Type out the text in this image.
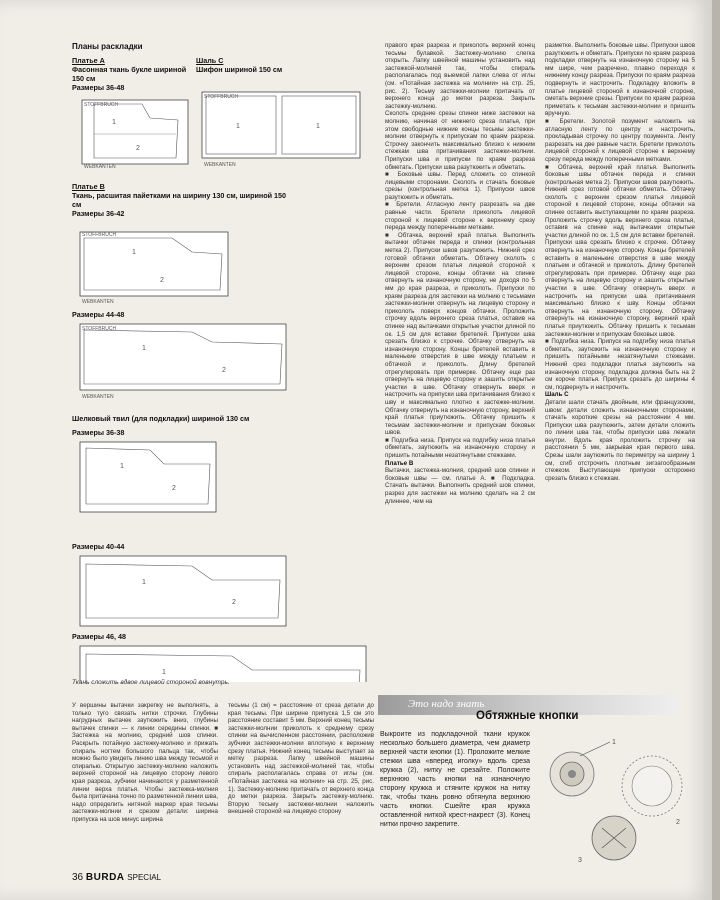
Планы раскладки
Платье А
Фасонная ткань букле шириной 150 см
Размеры 36-48
Шаль С
Шифон шириной 150 см
1
2
STOFFBRUCH
WEBKANTEN
1	1
STOFFBRUCH
WEBKANTEN
Платье В
Ткань, расшитая пайетками на ширину 130 см, шириной 150 см
Размеры 36-42
1
2
STOFFBRUCH
WEBKANTEN
Размеры 44-48
1
2
STOFFBRUCH
WEBKANTEN
Шелковый твил (для подкладки) шириной 130 см
Размеры 36-38
1
2
Размеры 40-44
1
2
Размеры 46, 48
1
2
Ткань сложить вдвое лицевой стороной вовнутрь.

правого края разреза и приколоть верхний конец тесьмы булавкой. Застежку-молнию слегка открыть. Лапку швейной машины установить над застежкой-молнией так, чтобы спираль располагалась под выемкой лапки слева от иглы (см. «Потайная застежка на молнии» на стр. 25, рис. 2). Тесьму застежки-молнии притачать от верхнего конца до метки разреза. Закрыть застежку-молнию.

Сколоть средние срезы спинки ниже застежки на молнию, начиная от нижнего среза платья, при этом свободные нижние концы тесьмы застежки-молнии отвернуть к припускам по краям разреза. Строчку закончить максимально близко к нижним стежкам шва притачивания застежки-молнии. Припуски шва и припуски по краям разреза обметать. Припуски шва разутюжить и обметать.

■ Боковые швы. Перед сложить со спинкой лицевыми сторонами. Сколоть и стачать боковые срезы (контрольная метка 1). Припуски швов разутюжить и обметать.

■ Бретели. Атласную ленту разрезать на две равные части. Бретели приколоть лицевой стороной к лицевой стороне к верхнему срезу переда между поперечными метками.

■ Обтачка, верхний край платья. Выполнить вытачки обтачек переда и спинки (контрольная метка 2). Припуски швов разутюжить. Нижний срез готовой обтачки обметать. Обтачку сколоть с верхним срезом платья лицевой стороной к лицевой стороне, концы обтачки на спинке отвернуть на изнаночную сторону, не доходя по 5 мм до края разреза, и приколоть. Припуски по краям разреза для застежки на молнию с тесьмами застежки-молнии отвернуть на лицевую сторону и приколоть поверх концов обтачки. Проложить строчку вдоль верхнего среза платья, оставив на спинке над вытачками открытые участки длиной по ок. 1,5 см для вставки бретелей. Припуски шва срезать близко к строчке. Обтачку отвернуть на изнаночную сторону. Концы бретелей вставить в маленькие отверстия в шве между платьем и обтачкой и приколоть. Длину бретелей отрегулировать при примерке. Обтачку еще раз отвернуть на лицевую сторону и зашить открытые участки в шве. Обтачку отвернуть вверх и настрочить на припуски шва притачивания близко к шву и максимально плотно к застежке-молнии. Обтачку отвернуть на изнаночную сторону, верхний край платья приутюжить. Обтачку пришить к тесьмам застежки-молнии и припускам боковых швов.

■ Подгибка низа. Припуск на подгибку низа платья обметать, заутюжить на изнаночную сторону и пришить потайными незатянутыми стежками.

Платье В

Вытачки, застежка-молния, средний шов спинки и боковые швы — см. платье А. ■ Подкладка. Стачать вытачки. Выполнить средний шов спинки, разрез для застежки на молнию сделать на 2 см длиннее, чем на

разметке. Выполнить боковые швы. Припуски швов разутюжить и обметать. Припуски по краям разреза подкладки отвернуть на изнаночную сторону на 5 мм шире, чем разречено, плавно переходя к нижнему концу разреза. Припуски по краям разреза подвернуть и настрочить. Подкладку вложить в платье лицевой стороной к изнаночной стороне, сметать верхние срезы. Припуски по краям разреза приметать к тесьмам застежки-молнии и пришить вручную.

■ Бретели. Золотой позумент наложить на атласную ленту по центру и настрочить, прокладывая строчку по центру позумента. Ленту разрезать на две равные части. Бретели приколоть лицевой стороной к лицевой стороне к верхнему срезу переда между поперечными метками.

■ Обтачка, верхний край платья. Выполнить боковые швы обтачек переда и спинки (контрольная метка 2). Припуски швов разутюжить. Нижний срез готовой обтачки обметать. Обтачку сколоть с верхним срезом платья лицевой стороной к лицевой стороне, концы обтачки на спинке оставить выступающими по краям разреза. Проложить строчку вдоль верхнего среза платья, оставив на спинке над вытачками открытые участки длиной по ок. 1,5 см для вставки бретелей. Припуски шва срезать близко к строчке. Обтачку отвернуть на изнаночную сторону. Концы бретелей вставить в маленькие отверстия в шве между платьем и обтачкой и приколоть. Длину бретелей отрегулировать при примерке. Обтачку еще раз отвернуть на лицевую сторону и зашить открытые участки в шве. Обтачку отвернуть вверх и настрочить на припуски шва притачивания максимально близко к шву. Концы обтачки отвернуть на изнаночную сторону. Обтачку отвернуть на изнаночную сторону, верхний край платья приутюжить. Обтачку пришить к тесьмам застежки-молнии и припускам боковых швов.

■ Подгибка низа. Припуск на подгибку низа платья обметать, заутюжить на изнаночную сторону и пришить потайными незатянутыми стежками. Нижний срез подкладки платья заутюжить на изнаночную сторону, подкладка должна быть на 2 см короче платья. Припуск срезать до ширины 4 см, подвернуть и настрочить.

Шаль С

Детали шали стачать двойным, или французским, швом: детали сложить изнаночными сторонами, стачать короткие срезы на расстоянии 4 мм. Припуски шва разутюжить, затем детали сложить по линии шва так, чтобы припуски шва лежали внутри. Вдоль края проложить строчку на расстоянии 5 мм, закрывая края первого шва. Срезы шали заутюжить по периметру на ширину 1 см, сгиб отстрочить плотным зигзагообразным стежком. Выступающие припуски осторожно срезать близко к стежкам.

У вершины вытачки закрепку не выполнять, а только туго связать нитки строчки. Глубины нагрудных вытачек заутюжить вниз, глубины вытачек спинки — к линии середины спинки. ■ Застежка на молнию, средний шов спинки. Раскрыть потайную застежку-молнию и прижать спираль ногтем большого пальца так, чтобы можно было увидеть линию шва между тесьмой и спиралью. Открытую застежку-молнию наложить верхней стороной на лицевую сторону левого края разреза, зубчики начинаются у разметенной линии верха платья. Чтобы застежка-молния была притачана точно по разметенной линии шва, надо определить нитяной маркер края тесьмы застежки-молнии и срезом детали: ширина припуска на шов минус ширина

тесьмы (1 см) = расстояние от среза детали до края тесьмы. При ширине припуска 1,5 см это расстояние составит 5 мм. Верхний конец тесьмы застежки-молнии приколоть к среднему срезу спинки на вычисленном расстоянии, расположив зубчики застежки-молнии вплотную к верхнему срезу платья. Нижний конец тесьмы выступает за метку разреза. Лапку швейной машины установить над застежкой-молнией так, чтобы спираль располагалась справа от иглы (см. «Потайная застежка на молнии» на стр. 25, рис. 1). Застежку-молнию притачать от верхнего конца до метки разреза. Закрыть застежку-молнию. Вторую тесьму застежки-молнии наложить внешней стороной на лицевую сторону

Это надо знать
Обтяжные кнопки

Выкроите из подкладочной ткани кружок несколько большего диаметра, чем диаметр верхней части кнопки (1). Проложите мелкие стежки шва «вперед иголку» вдоль среза кружка (2), нитку не срезайте. Положите верхнюю часть кнопки на изнаночную сторону кружка и стяните кружок на нитку так, чтобы ткань ровно обтянула верхнюю часть кнопки. Сшейте края кружка оставленной ниткой крест-накрест (3). Конец нитки прочно закрепите.

1
2
3
36 BURDA SPECIAL
